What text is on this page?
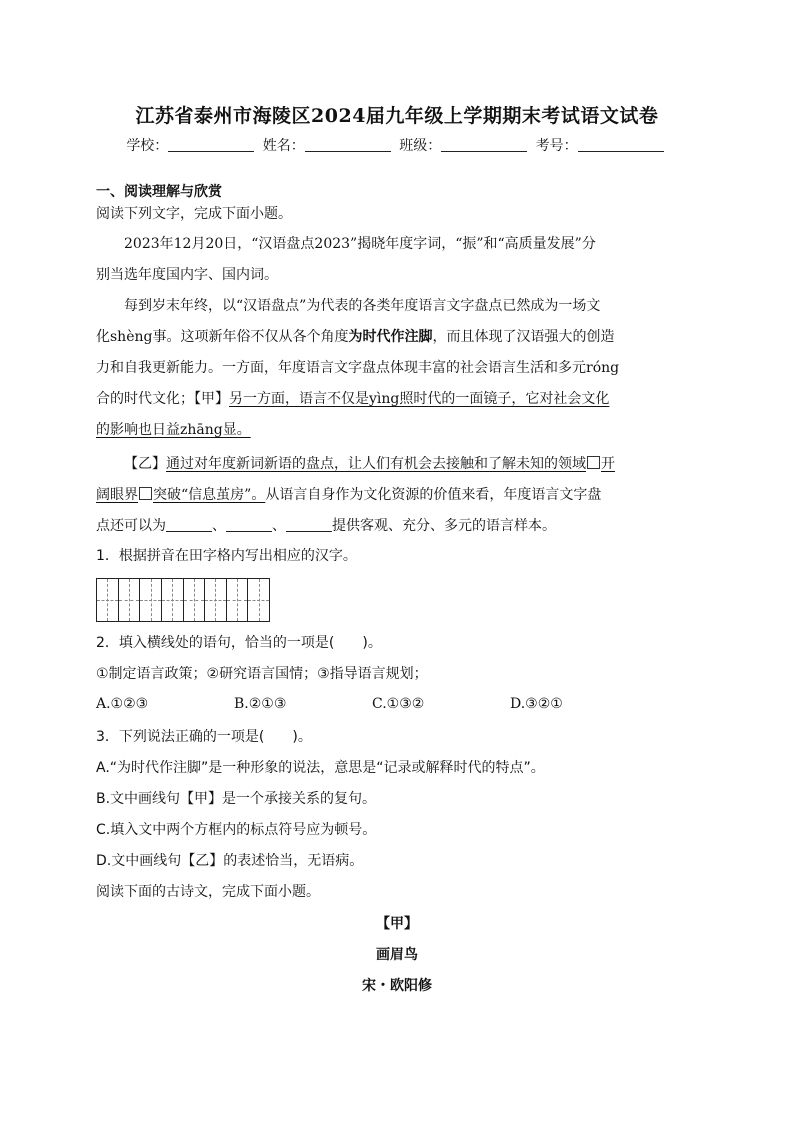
江苏省泰州市海陵区2024届九年级上学期期末考试语文试卷
学校：	姓名：	班级：	考号：
一、阅读理解与欣赏
阅读下列文字，完成下面小题。
2023年12月20日，“汉语盘点2023”揭晓年度字词，“振”和“高质量发展”分
别当选年度国内字、国内词。
每到岁末年终，以“汉语盘点”为代表的各类年度语言文字盘点已然成为一场文
化shèng事。这项新年俗不仅从各个角度为时代作注脚，而且体现了汉语强大的创造
力和自我更新能力。一方面，年度语言文字盘点体现丰富的社会语言生活和多元róng
合的时代文化；【甲】另一方面，语言不仅是yìng照时代的一面镜子，它对社会文化
的影响也日益zhāng显。
【乙】通过对年度新词新语的盘点，让人们有机会去接触和了解未知的领域 开
阔眼界 突破“信息茧房”。从语言自身作为文化资源的价值来看，年度语言文字盘
点还可以为	、	、	提供客观、充分、多元的语言样本。
1．根据拼音在田字格内写出相应的汉字。
2．填入横线处的语句，恰当的一项是(　　)。
①制定语言政策；②研究语言国情；③指导语言规划；
A.①②③	B.②①③	C.①③②	D.③②①
3．下列说法正确的一项是(　　)。
A.“为时代作注脚”是一种形象的说法，意思是“记录或解释时代的特点”。
B.文中画线句【甲】是一个承接关系的复句。
C.填入文中两个方框内的标点符号应为顿号。
D.文中画线句【乙】的表述恰当，无语病。
阅读下面的古诗文，完成下面小题。
【甲】
画眉鸟
宋・欧阳修
